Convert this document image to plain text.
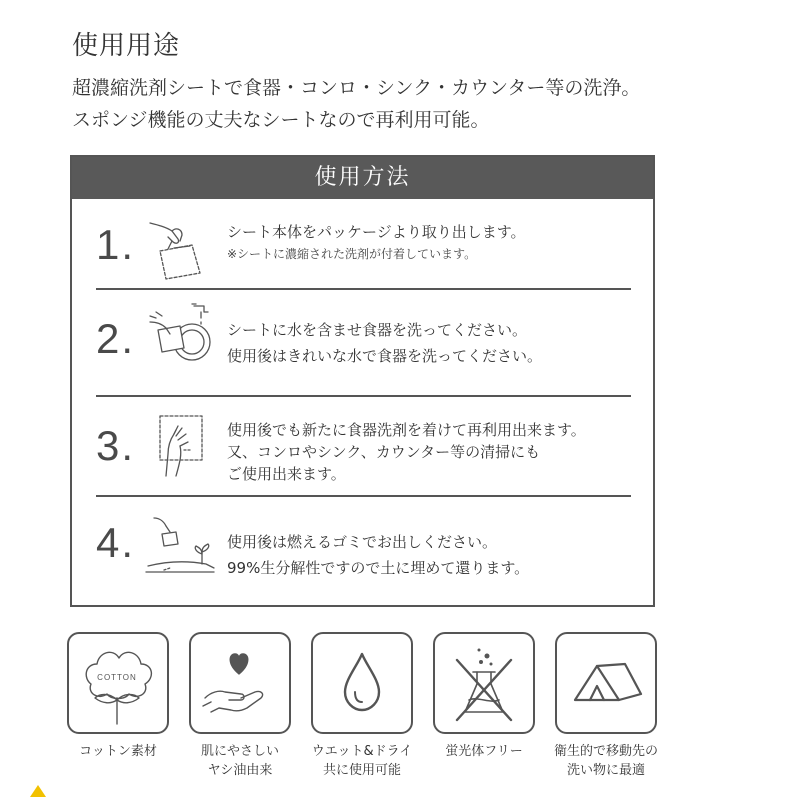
使用用途
超濃縮洗剤シートで食器・コンロ・シンク・カウンター等の洗浄。
スポンジ機能の丈夫なシートなので再利用可能。
使用方法
1.	シート本体をパッケージより取り出します。
※シートに濃縮された洗剤が付着しています。
2.	シートに水を含ませ食器を洗ってください。
使用後はきれいな水で食器を洗ってください。
3.	使用後でも新たに食器洗剤を着けて再利用出来ます。
又、コンロやシンク、カウンター等の清掃にも
ご使用出来ます。
4.	使用後は燃えるゴミでお出しください。
99%生分解性ですので土に埋めて還ります。
COTTON
コットン素材	肌にやさしい
ヤシ油由来
ウエット&ドライ
共に使用可能
蛍光体フリー	衛生的で移動先の
洗い物に最適
